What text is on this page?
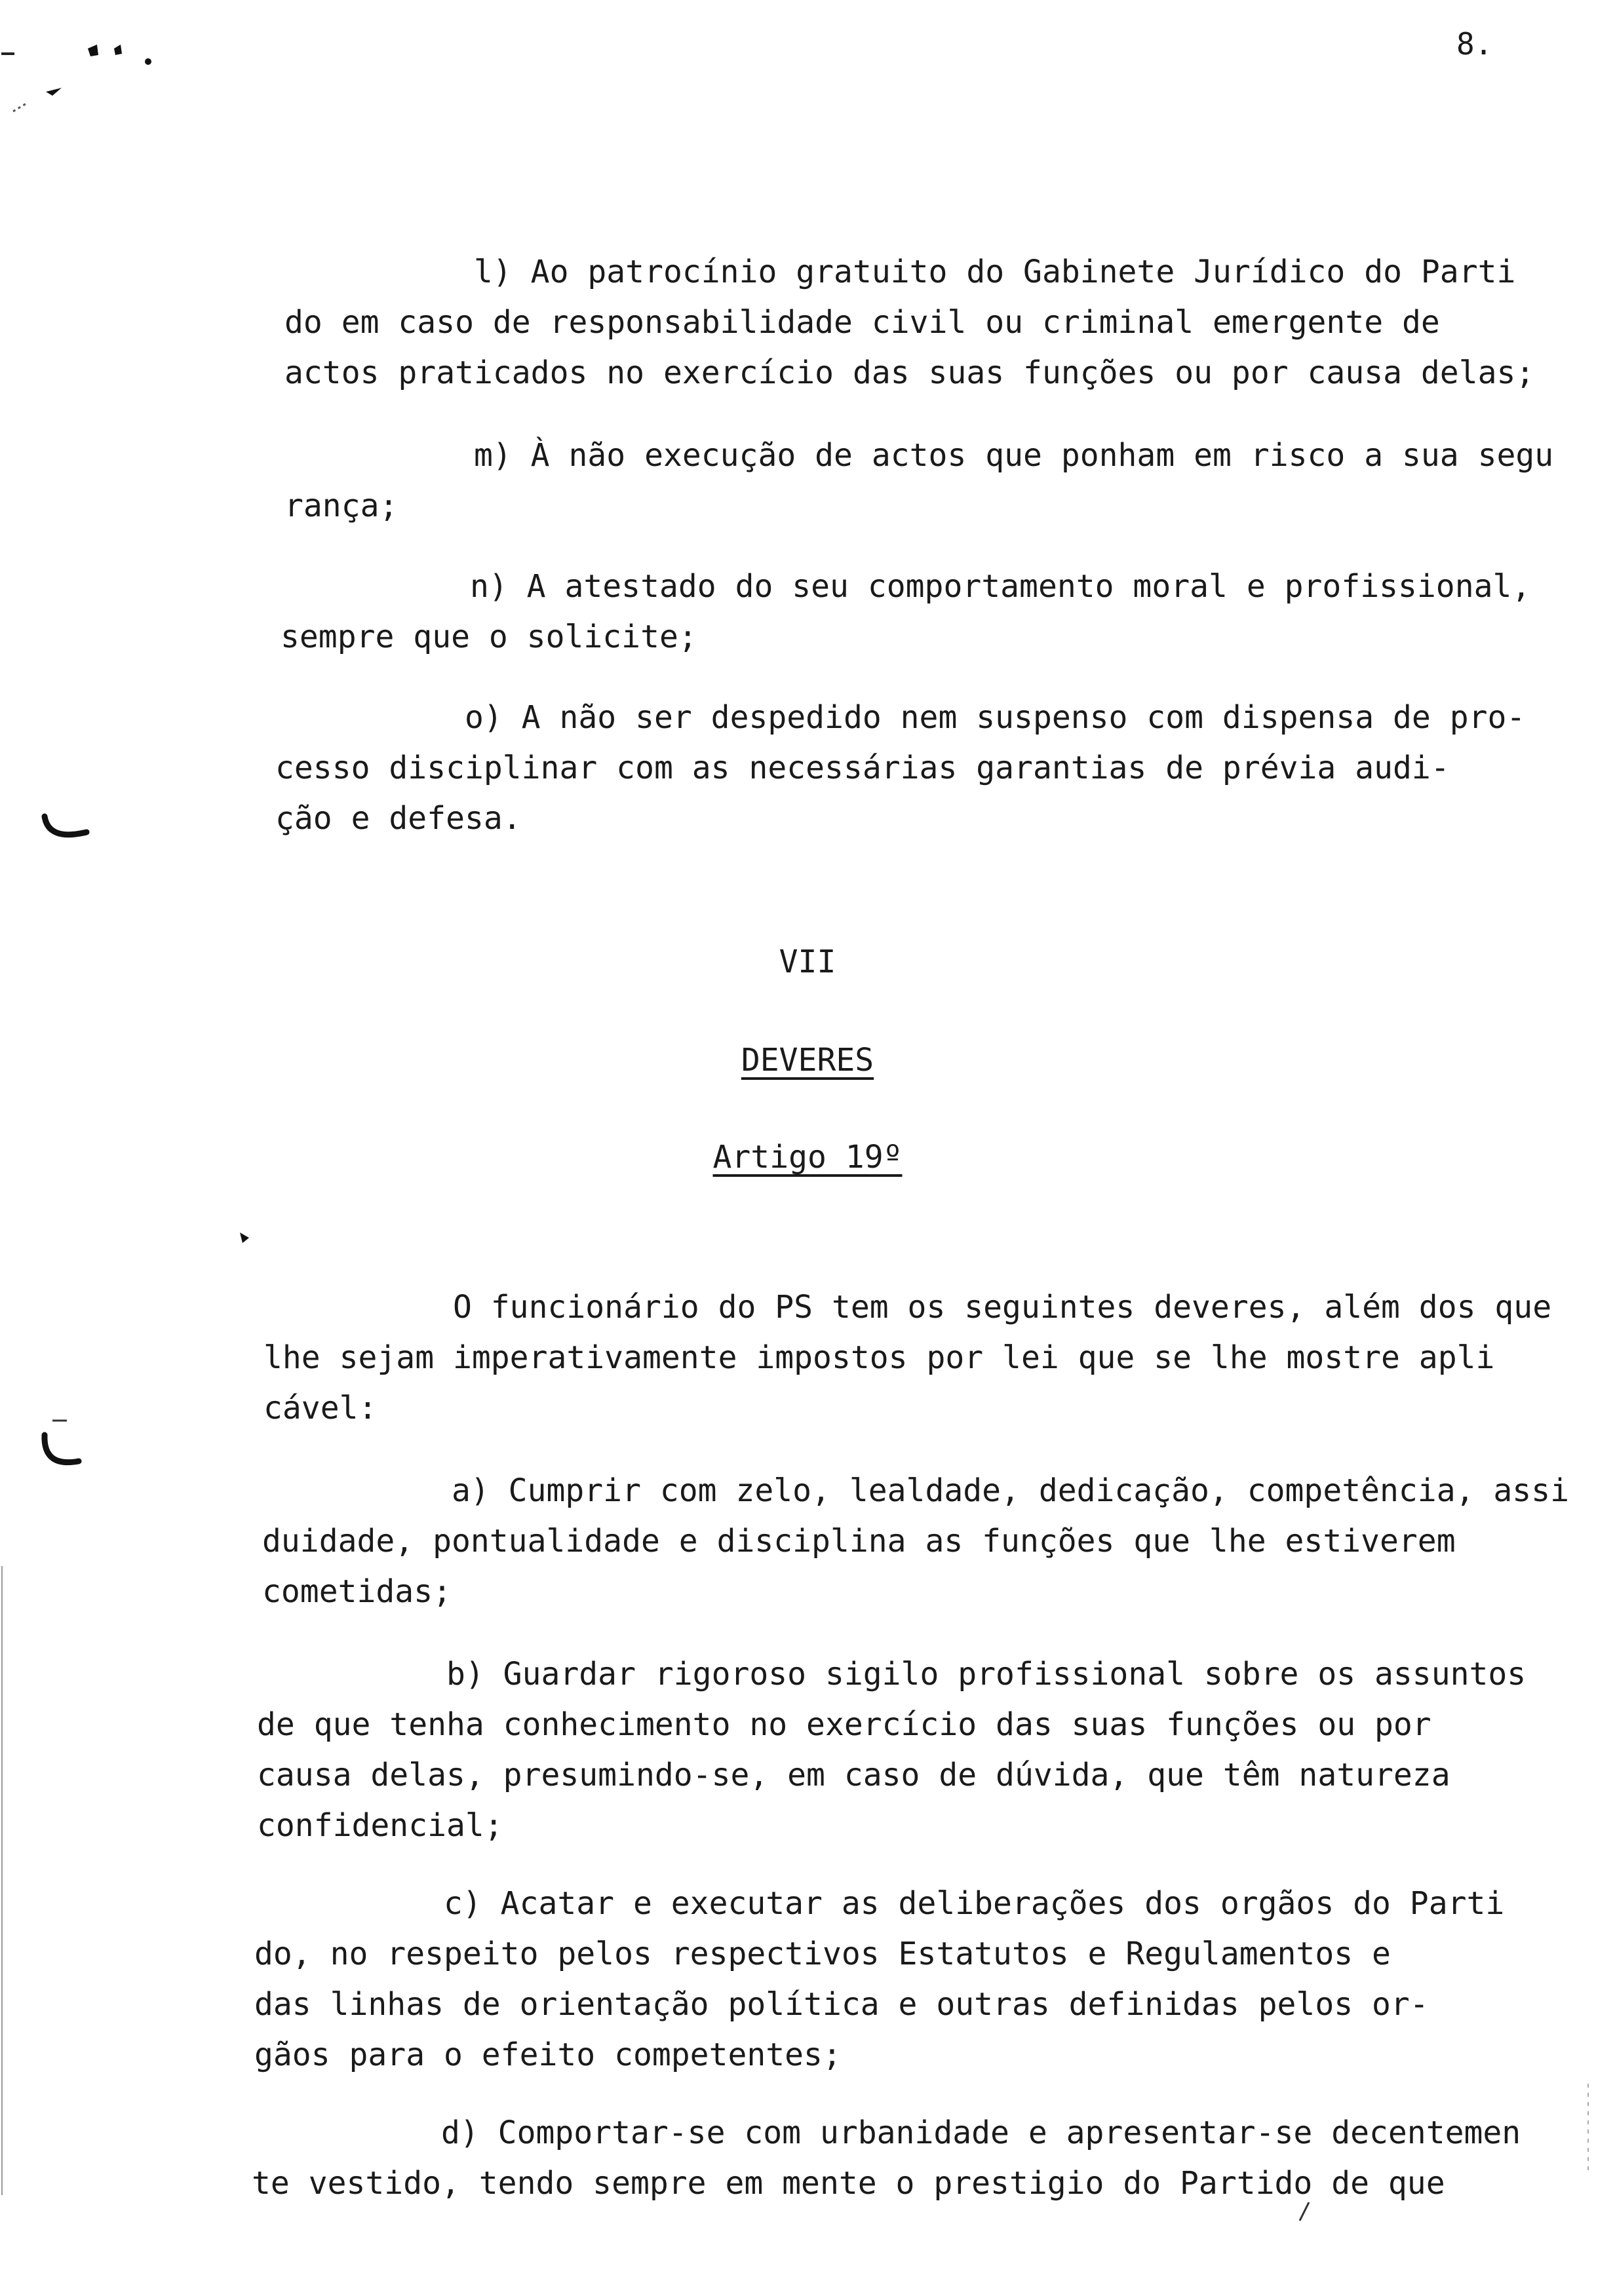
8.

l) Ao patrocínio gratuito do Gabinete Jurídico do Parti
do em caso de responsabilidade civil ou criminal emergente de
actos praticados no exercício das suas funções ou por causa delas;

m) À não execução de actos que ponham em risco a sua segu
rança;

n) A atestado do seu comportamento moral e profissional,
sempre que o solicite;

o) A não ser despedido nem suspenso com dispensa de pro-
cesso disciplinar com as necessárias garantias de prévia audi-
ção e defesa.

VII
DEVERES
Artigo 19º

O funcionário do PS tem os seguintes deveres, além dos que
lhe sejam imperativamente impostos por lei que se lhe mostre apli
cável:

a) Cumprir com zelo, lealdade, dedicação, competência, assi
duidade, pontualidade e disciplina as funções que lhe estiverem
cometidas;

b) Guardar rigoroso sigilo profissional sobre os assuntos
de que tenha conhecimento no exercício das suas funções ou por
causa delas, presumindo-se, em caso de dúvida, que têm natureza
confidencial;

c) Acatar e executar as deliberações dos orgãos do Parti
do, no respeito pelos respectivos Estatutos e Regulamentos e
das linhas de orientação política e outras definidas pelos or-
gãos para o efeito competentes;

d) Comportar-se com urbanidade e apresentar-se decentemen
te vestido, tendo sempre em mente o prestigio do Partido de que
